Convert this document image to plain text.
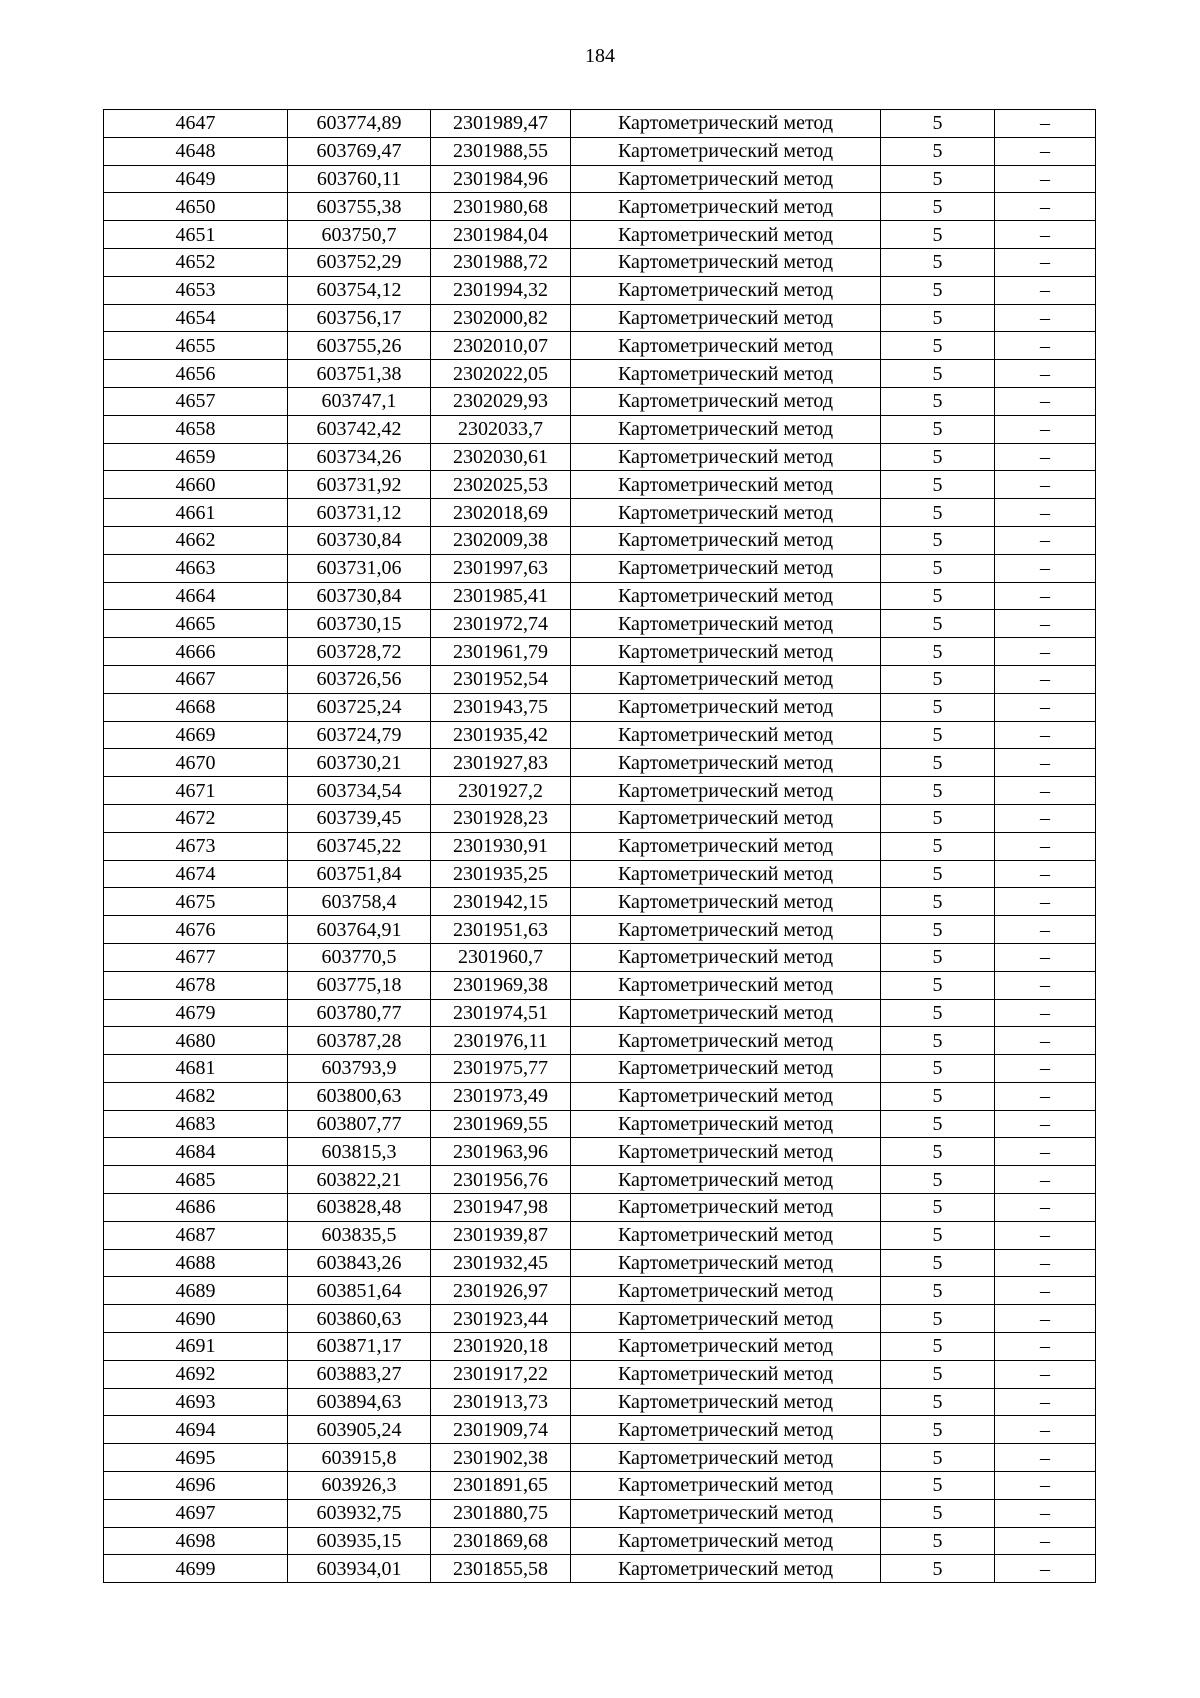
184
4647	603774,89	2301989,47	Картометрический метод	5	–
4648	603769,47	2301988,55	Картометрический метод	5	–
4649	603760,11	2301984,96	Картометрический метод	5	–
4650	603755,38	2301980,68	Картометрический метод	5	–
4651	603750,7	2301984,04	Картометрический метод	5	–
4652	603752,29	2301988,72	Картометрический метод	5	–
4653	603754,12	2301994,32	Картометрический метод	5	–
4654	603756,17	2302000,82	Картометрический метод	5	–
4655	603755,26	2302010,07	Картометрический метод	5	–
4656	603751,38	2302022,05	Картометрический метод	5	–
4657	603747,1	2302029,93	Картометрический метод	5	–
4658	603742,42	2302033,7	Картометрический метод	5	–
4659	603734,26	2302030,61	Картометрический метод	5	–
4660	603731,92	2302025,53	Картометрический метод	5	–
4661	603731,12	2302018,69	Картометрический метод	5	–
4662	603730,84	2302009,38	Картометрический метод	5	–
4663	603731,06	2301997,63	Картометрический метод	5	–
4664	603730,84	2301985,41	Картометрический метод	5	–
4665	603730,15	2301972,74	Картометрический метод	5	–
4666	603728,72	2301961,79	Картометрический метод	5	–
4667	603726,56	2301952,54	Картометрический метод	5	–
4668	603725,24	2301943,75	Картометрический метод	5	–
4669	603724,79	2301935,42	Картометрический метод	5	–
4670	603730,21	2301927,83	Картометрический метод	5	–
4671	603734,54	2301927,2	Картометрический метод	5	–
4672	603739,45	2301928,23	Картометрический метод	5	–
4673	603745,22	2301930,91	Картометрический метод	5	–
4674	603751,84	2301935,25	Картометрический метод	5	–
4675	603758,4	2301942,15	Картометрический метод	5	–
4676	603764,91	2301951,63	Картометрический метод	5	–
4677	603770,5	2301960,7	Картометрический метод	5	–
4678	603775,18	2301969,38	Картометрический метод	5	–
4679	603780,77	2301974,51	Картометрический метод	5	–
4680	603787,28	2301976,11	Картометрический метод	5	–
4681	603793,9	2301975,77	Картометрический метод	5	–
4682	603800,63	2301973,49	Картометрический метод	5	–
4683	603807,77	2301969,55	Картометрический метод	5	–
4684	603815,3	2301963,96	Картометрический метод	5	–
4685	603822,21	2301956,76	Картометрический метод	5	–
4686	603828,48	2301947,98	Картометрический метод	5	–
4687	603835,5	2301939,87	Картометрический метод	5	–
4688	603843,26	2301932,45	Картометрический метод	5	–
4689	603851,64	2301926,97	Картометрический метод	5	–
4690	603860,63	2301923,44	Картометрический метод	5	–
4691	603871,17	2301920,18	Картометрический метод	5	–
4692	603883,27	2301917,22	Картометрический метод	5	–
4693	603894,63	2301913,73	Картометрический метод	5	–
4694	603905,24	2301909,74	Картометрический метод	5	–
4695	603915,8	2301902,38	Картометрический метод	5	–
4696	603926,3	2301891,65	Картометрический метод	5	–
4697	603932,75	2301880,75	Картометрический метод	5	–
4698	603935,15	2301869,68	Картометрический метод	5	–
4699	603934,01	2301855,58	Картометрический метод	5	–
